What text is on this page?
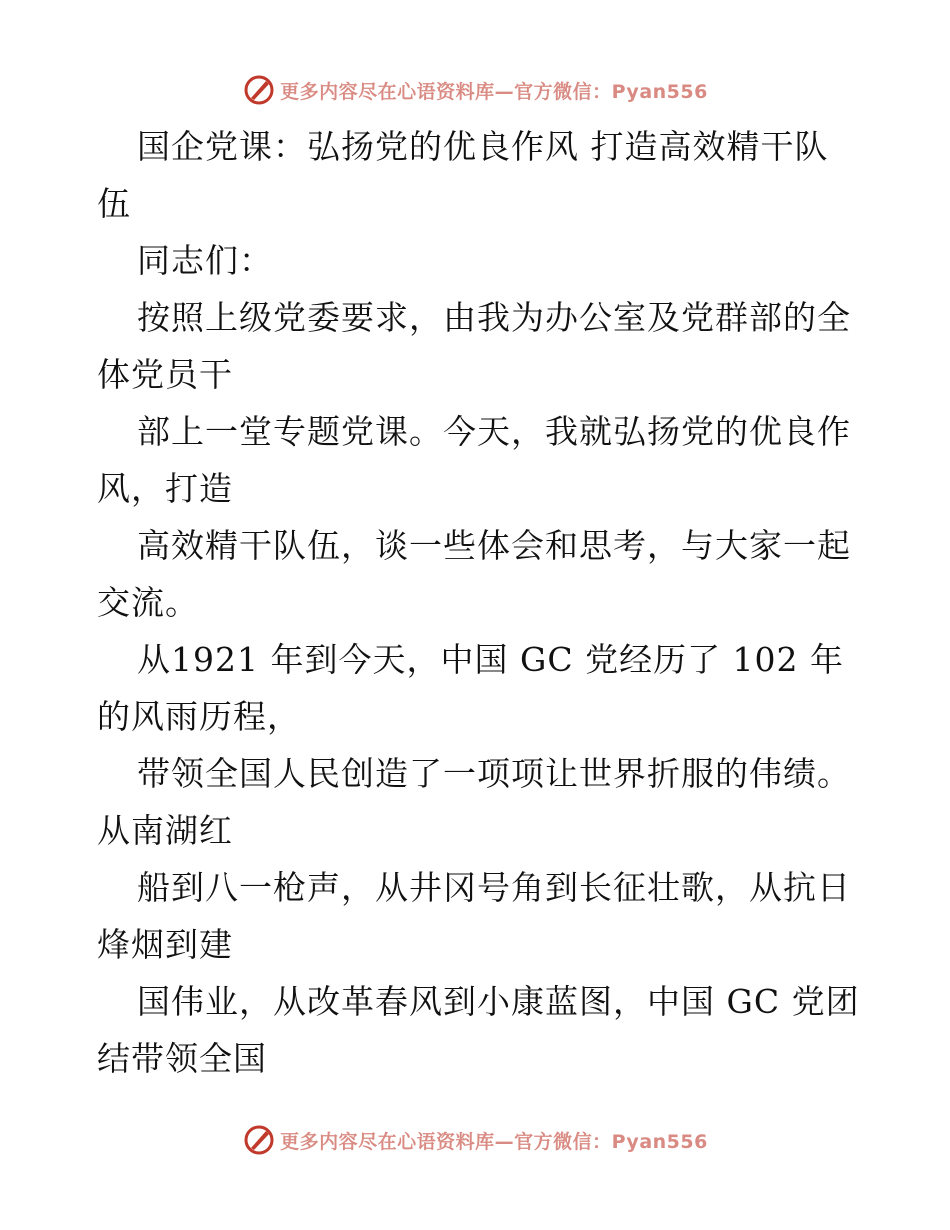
更多内容尽在心语资料库—官方微信：Pyan556

国企党课：弘扬党的优良作风 打造高效精干队

伍

同志们：

按照上级党委要求，由我为办公室及党群部的全

体党员干

部上一堂专题党课。今天，我就弘扬党的优良作

风，打造

高效精干队伍，谈一些体会和思考，与大家一起

交流。

从1921 年到今天，中国 GC 党经历了 102 年

的风雨历程，

带领全国人民创造了一项项让世界折服的伟绩。

从南湖红

船到八一枪声，从井冈号角到长征壮歌，从抗日

烽烟到建

国伟业，从改革春风到小康蓝图，中国 GC 党团

结带领全国

更多内容尽在心语资料库—官方微信：Pyan556
